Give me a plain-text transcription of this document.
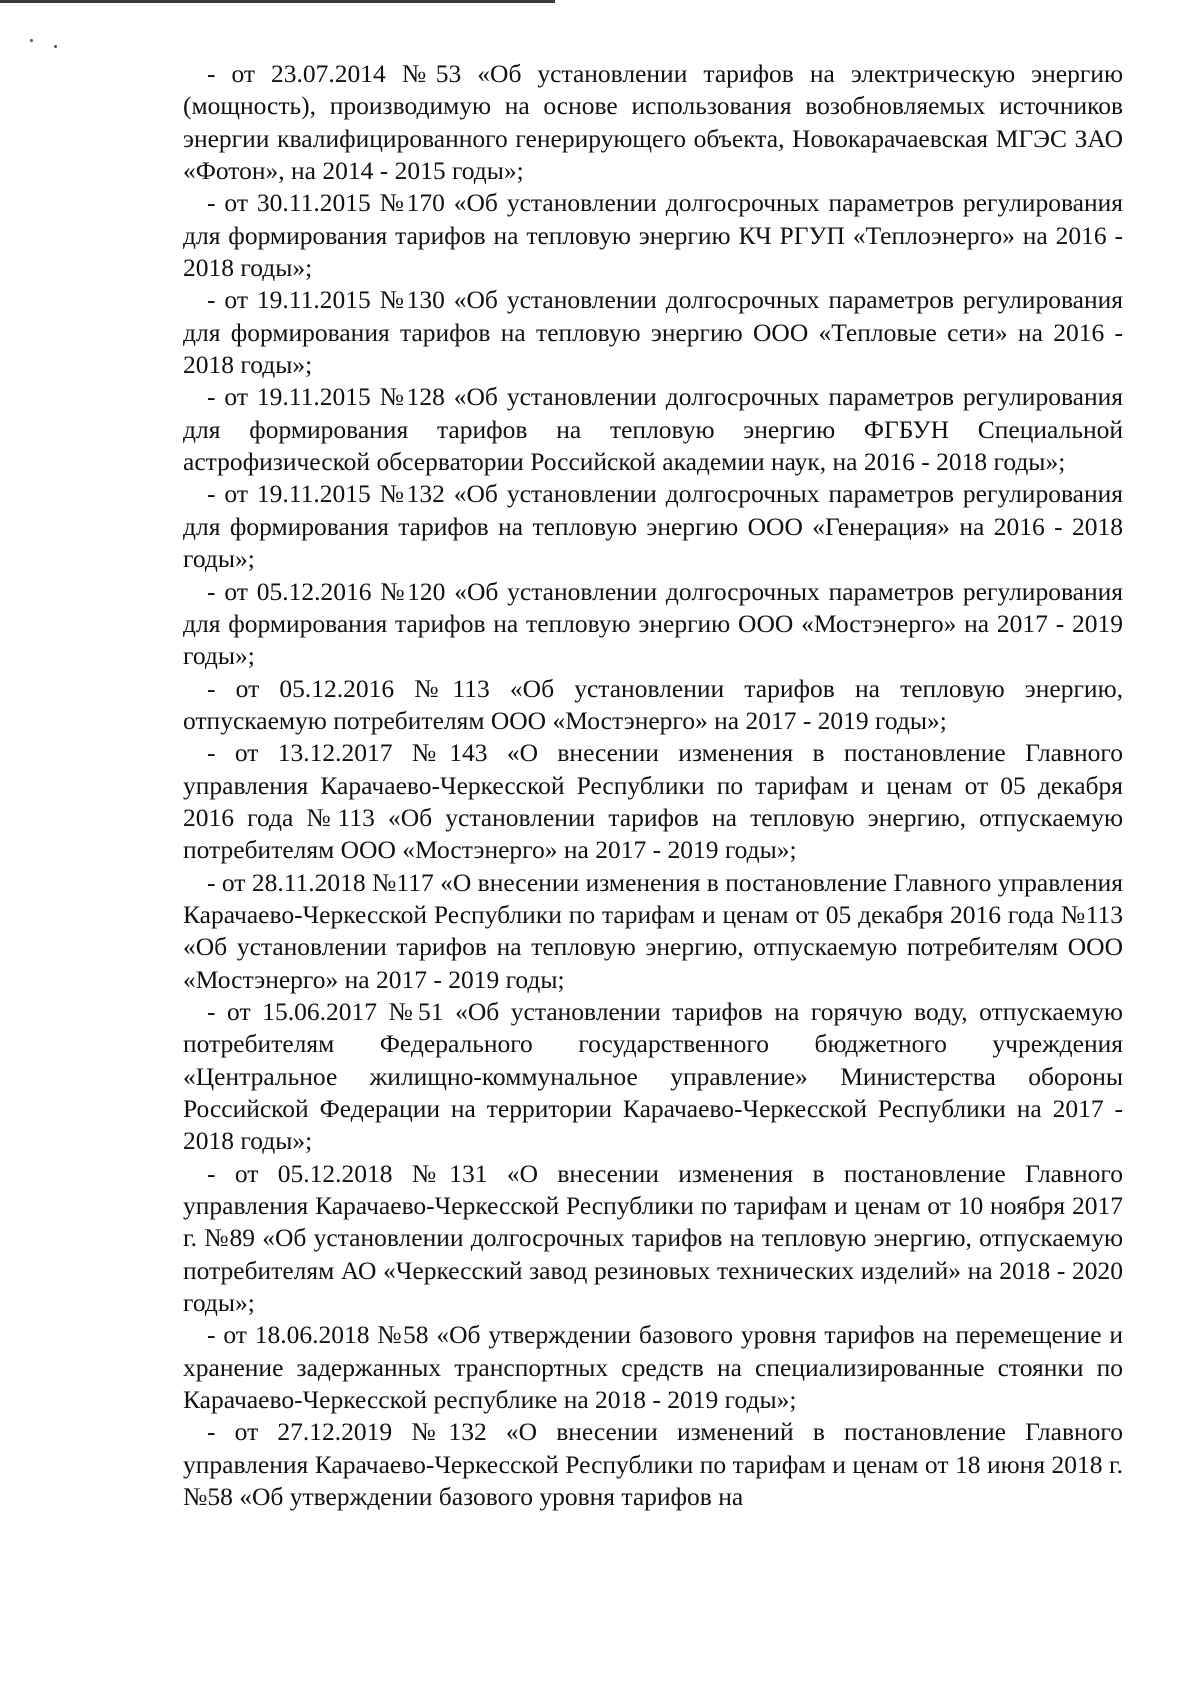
- от 23.07.2014 №53 «Об установлении тарифов на электрическую энергию (мощность), производимую на основе использования возобновляемых источников энергии квалифицированного генерирующего объекта, Новокарачаевская МГЭС ЗАО «Фотон», на 2014 - 2015 годы»;

- от 30.11.2015 №170 «Об установлении долгосрочных параметров регулирования для формирования тарифов на тепловую энергию КЧ РГУП «Теплоэнерго» на 2016 - 2018 годы»;

- от 19.11.2015 №130 «Об установлении долгосрочных параметров регулирования для формирования тарифов на тепловую энергию ООО «Тепловые сети» на 2016 - 2018 годы»;

- от 19.11.2015 №128 «Об установлении долгосрочных параметров регулирования для формирования тарифов на тепловую энергию ФГБУН Специальной астрофизической обсерватории Российской академии наук, на 2016 - 2018 годы»;

- от 19.11.2015 №132 «Об установлении долгосрочных параметров регулирования для формирования тарифов на тепловую энергию ООО «Генерация» на 2016 - 2018 годы»;

- от 05.12.2016 №120 «Об установлении долгосрочных параметров регулирования для формирования тарифов на тепловую энергию ООО «Мостэнерго» на 2017 - 2019 годы»;

- от 05.12.2016 №113 «Об установлении тарифов на тепловую энергию, отпускаемую потребителям ООО «Мостэнерго» на 2017 - 2019 годы»;

- от 13.12.2017 №143 «О внесении изменения в постановление Главного управления Карачаево-Черкесской Республики по тарифам и ценам от 05 декабря 2016 года №113 «Об установлении тарифов на тепловую энергию, отпускаемую потребителям ООО «Мостэнерго» на 2017 - 2019 годы»;

- от 28.11.2018 №117 «О внесении изменения в постановление Главного управления Карачаево-Черкесской Республики по тарифам и ценам от 05 декабря 2016 года №113 «Об установлении тарифов на тепловую энергию, отпускаемую потребителям ООО «Мостэнерго» на 2017 - 2019 годы;

- от 15.06.2017 №51 «Об установлении тарифов на горячую воду, отпускаемую потребителям Федерального государственного бюджетного учреждения «Центральное жилищно-коммунальное управление» Министерства обороны Российской Федерации на территории Карачаево-Черкесской Республики на 2017 - 2018 годы»;

- от 05.12.2018 №131 «О внесении изменения в постановление Главного управления Карачаево-Черкесской Республики по тарифам и ценам от 10 ноября 2017 г. №89 «Об установлении долгосрочных тарифов на тепловую энергию, отпускаемую потребителям АО «Черкесский завод резиновых технических изделий» на 2018 - 2020 годы»;

- от 18.06.2018 №58 «Об утверждении базового уровня тарифов на перемещение и хранение задержанных транспортных средств на специализированные стоянки по Карачаево-Черкесской республике на 2018 - 2019 годы»;

- от 27.12.2019 №132 «О внесении изменений в постановление Главного управления Карачаево-Черкесской Республики по тарифам и ценам от 18 июня 2018 г. №58 «Об утверждении базового уровня тарифов на
